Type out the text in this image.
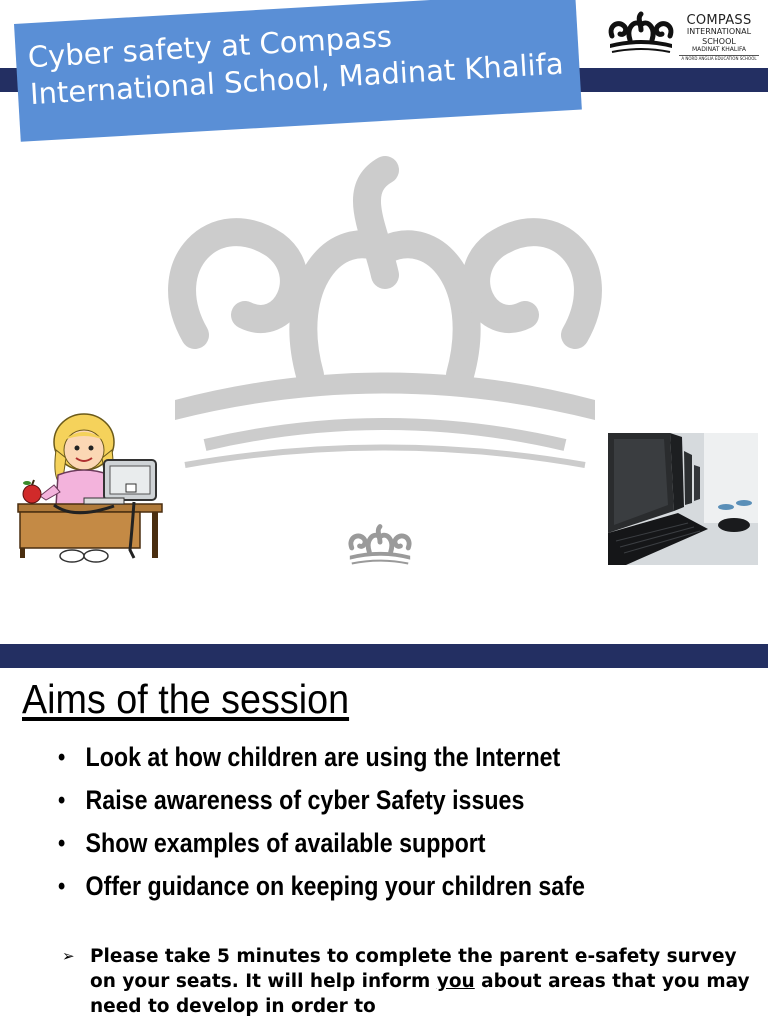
Cyber safety at Compass International School, Madinat Khalifa
COMPASS
INTERNATIONAL
SCHOOL
MADINAT KHALIFA
A NORD ANGLIA EDUCATION SCHOOL
Aims of the session
• Look at how children are using the Internet
• Raise awareness of cyber Safety issues
• Show examples of available support
• Offer guidance on keeping your children safe
➢ Please take 5 minutes to complete the parent e-safety survey on your seats. It will help inform you about areas that you may need to develop in order to
